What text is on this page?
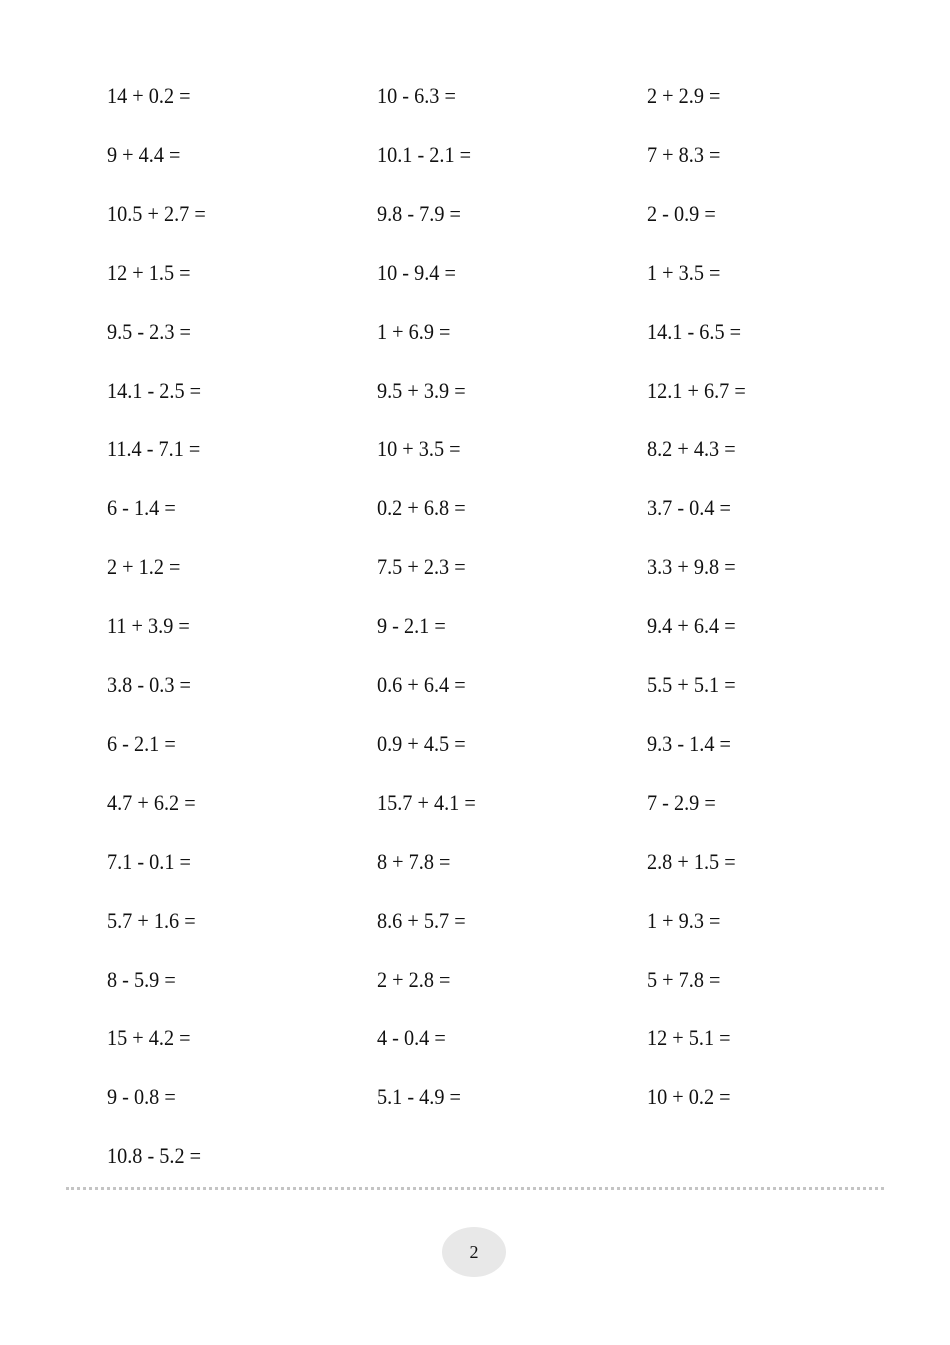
14 + 0.2 =	10 - 6.3 =	2 + 2.9 =
9 + 4.4 =	10.1 - 2.1 =	7 + 8.3 =
10.5 + 2.7 =	9.8 - 7.9 =	2 - 0.9 =
12 + 1.5 =	10 - 9.4 =	1 + 3.5 =
9.5 - 2.3 =	1 + 6.9 =	14.1 - 6.5 =
14.1 - 2.5 =	9.5 + 3.9 =	12.1 + 6.7 =
11.4 - 7.1 =	10 + 3.5 =	8.2 + 4.3 =
6 - 1.4 =	0.2 + 6.8 =	3.7 - 0.4 =
2 + 1.2 =	7.5 + 2.3 =	3.3 + 9.8 =
11 + 3.9 =	9 - 2.1 =	9.4 + 6.4 =
3.8 - 0.3 =	0.6 + 6.4 =	5.5 + 5.1 =
6 - 2.1 =	0.9 + 4.5 =	9.3 - 1.4 =
4.7 + 6.2 =	15.7 + 4.1 =	7 - 2.9 =
7.1 - 0.1 =	8 + 7.8 =	2.8 + 1.5 =
5.7 + 1.6 =	8.6 + 5.7 =	1 + 9.3 =
8 - 5.9 =	2 + 2.8 =	5 + 7.8 =
15 + 4.2 =	4 - 0.4 =	12 + 5.1 =
9 - 0.8 =	5.1 - 4.9 =	10 + 0.2 =
10.8 - 5.2 =
2
